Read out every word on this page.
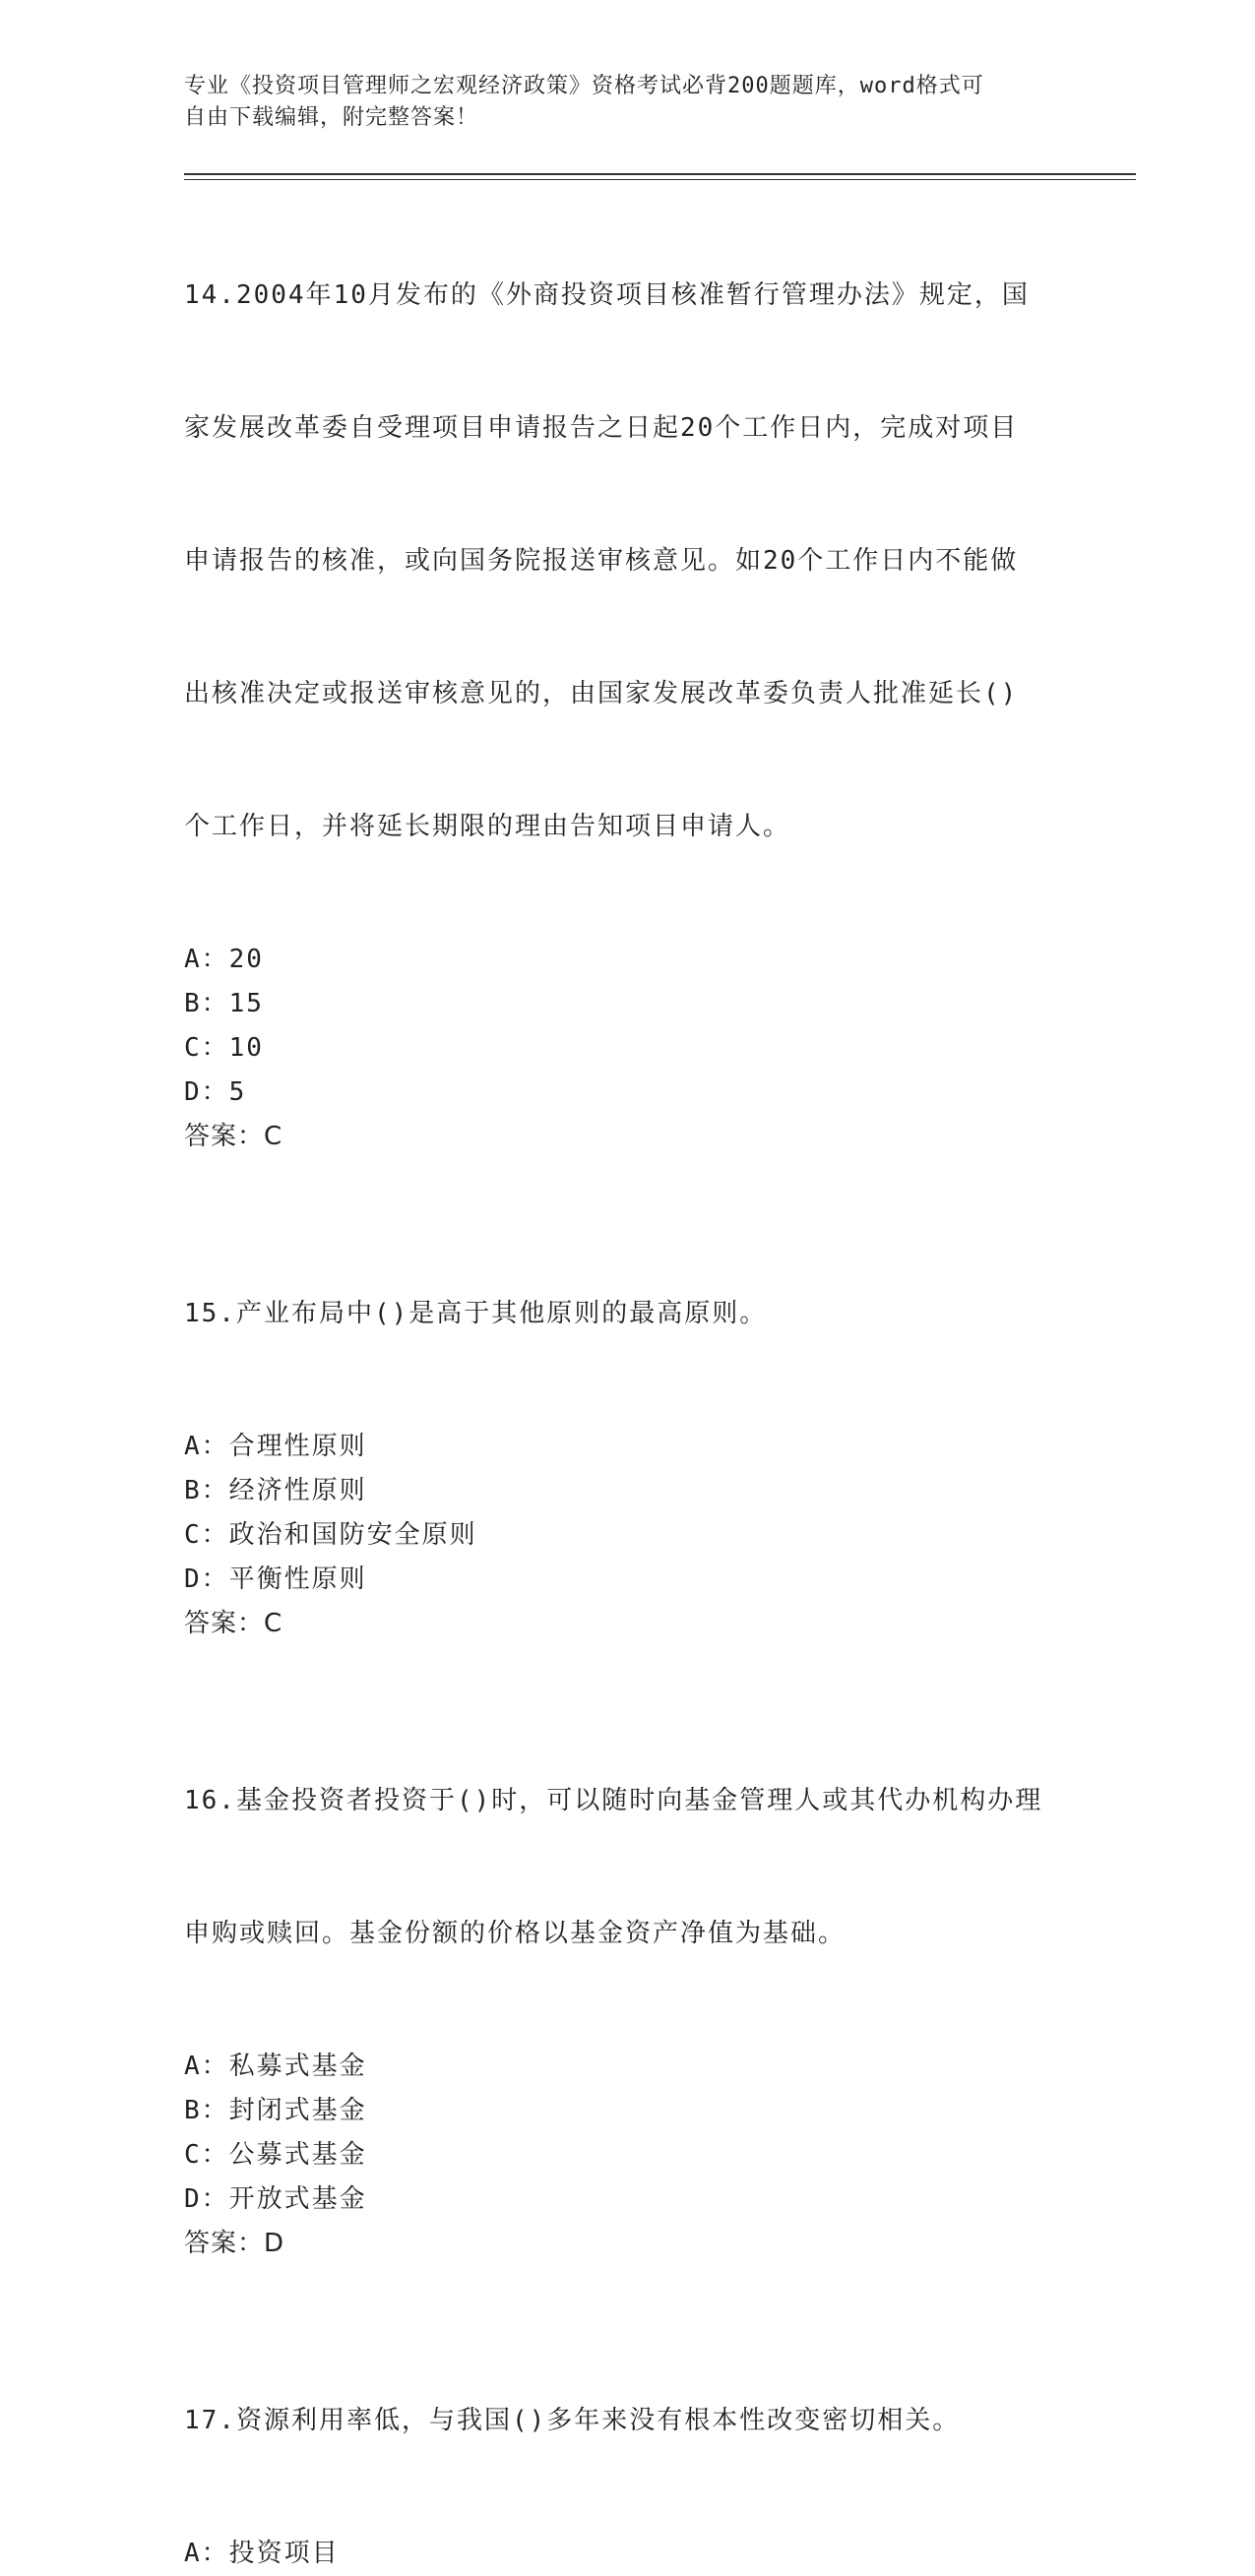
专业《投资项目管理师之宏观经济政策》资格考试必背200题题库，word格式可
自由下载编辑，附完整答案！

14.2004年10月发布的《外商投资项目核准暂行管理办法》规定，国

家发展改革委自受理项目申请报告之日起20个工作日内，完成对项目

申请报告的核准，或向国务院报送审核意见。如20个工作日内不能做

出核准决定或报送审核意见的，由国家发展改革委负责人批准延长()

个工作日，并将延长期限的理由告知项目申请人。

A：20
B：15
C：10
D：5
答案：C

15.产业布局中()是高于其他原则的最高原则。

A：合理性原则
B：经济性原则
C：政治和国防安全原则
D：平衡性原则
答案：C

16.基金投资者投资于()时，可以随时向基金管理人或其代办机构办理

申购或赎回。基金份额的价格以基金资产净值为基础。

A：私募式基金
B：封闭式基金
C：公募式基金
D：开放式基金
答案：D

17.资源利用率低，与我国()多年来没有根本性改变密切相关。

A：投资项目
